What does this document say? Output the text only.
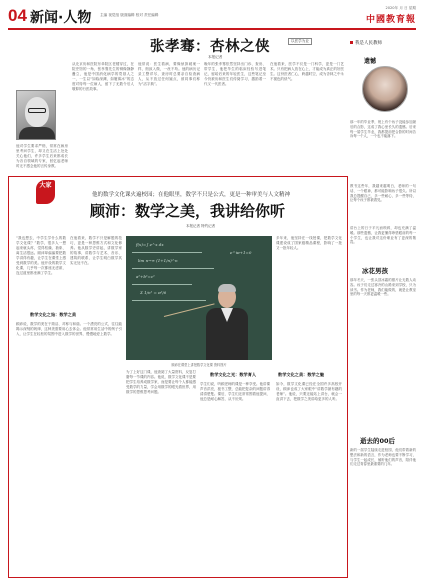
04 新闻·人物 主编 视觉组 版面编辑 校对 责任编辑
2020年 月 日 星期
中國教育報
张孝骞：杏林之侠	以医学为业
本报记者
从北京协和医院东单院区老楼穿过，在院史馆的一角，张孝骞先生的铜像静静矗立，他是中国消化病学的奠基人之一，一生以“如临深渊，如履薄冰”的态度对待每一位病人，留下了无数令后人敬仰的行医故事。
他常说：医生看病，要像侦探破案一样，细致入微，一丝不苟。他的病历记录工整详尽，查房时总要亲自检查病人，从不放过任何疑点，被同事们称为“活字典”。
晚年的张孝骞依然坚持出门诊、查房、带学生，他把毕生的临床经验写进笔记，留给后来的年轻医生，这些笔记至今仍被协和医生们传阅学习，激励着一代又一代医者。
在他看来，医学不仅是一门科学，更是一门艺术。只有把病人放在心上，才能成为真正的好医生。这份医者仁心，跨越时空，成为杏林之中永不褪色的侠气。
他对学生要求严格，常常在病房里考问学生，却又在生活上处处关心他们，许多学生后来都成长为各自领域的专家，回忆起老师时无不感念他的言传身教。
我是人民教师
遗憾
那一年的毕业季，班上有个孩子没能参加最后的合影，这成了我心里长久的遗憾。后来每一届学生毕业，我都提前把合影的时间告诉每一个人，一个也不能落下。
教书这些年，我越来越明白，老师的一句话、一个眼神，都可能影响孩子很久。所以我总提醒自己，多一些耐心，多一些等待，让每个孩子都被看见。
讲台上的日子平凡而琐碎，却也充满了温暖。那些遗憾，让我更懂得珍惜眼前的每一个学生，也让我对这份职业有了更深的敬畏。
冰花男孩
那年冬天，一张头顶冰霜的照片让无数人动容。孩子们走过寒冷的山路来到学校，只为读书。作为老师，我们能做的，就是让教室里的每一天都更温暖一些。
逝去的00后
新的一届学生陆续走进校园，他们带着新的想法和新的语言，作为老师也要不断学习，与学生一起成长，倾听他们的声音，陪伴他们走过青春里最重要的几年。
大家
他的数学文化课火遍校园；在他眼里，数学不只是公式，更是一种审美与人文精神
顾沛：数学之美，我讲给你听
本报记者 特约记者
“我也想去，中学生学什么的数学文化课？”数学，很多人一想起来就头疼，觉得枯燥、抽象、离生活很远。顾沛却偏偏要把数学讲得有趣，让学生在课堂上感受到数学的美。他开设的数学文化课，几乎每一次都座无虚席，连过道里都坐满了学生。
在他看来，数学不只是解题的技巧，更是一种思维方式和文化修养。他从数学史讲起，讲数学家的故事，讲数学与艺术、音乐、建筑的联系，让学生明白数学其实无处不在。
多年来，他坚持在一线授课，把数学文化课建设成了国家级精品课程，影响了一批又一批年轻人。
数学文化之始：数学之美
顾沛说，数学的美在于简洁、对称与和谐。一个漂亮的公式，往往能揭示深刻的规律，这种美需要用心去体会。他常常用生活中的例子引入，让学生在轻松的氛围中进入数学的世界，慢慢地爱上数学。
f(x)=∫ e^x dx
lim n→∞ (1+1/n)^n
a²+b²=c²
Σ 1/n² = π²/6
e^iπ+1=0
顾沛在课堂上讲授数学文化课 资料图片
为了上好这门课，他查阅了大量资料，反复打磨每一节课的内容。他说，数学文化课不是要把学生培养成数学家，而是要让每个人都能感受数学的力量，学会用数学的眼光看世界，用数学的思维思考问题。
数学文化之光：数学育人
学生们说，听顾老师的课是一种享受。他讲课声音洪亮，板书工整，总能把复杂的问题讲得清清楚楚。课后，学生们还常常围着他提问，他总是耐心解答，从不厌烦。
数学文化之美：数学之魅
如今，数学文化课已经在全国许多高校开设，顾沛也成了大家眼中“讲数学最有趣的老师”。他说，只要还能站上讲台，就会一直讲下去，把数学之美讲给更多的人听。
